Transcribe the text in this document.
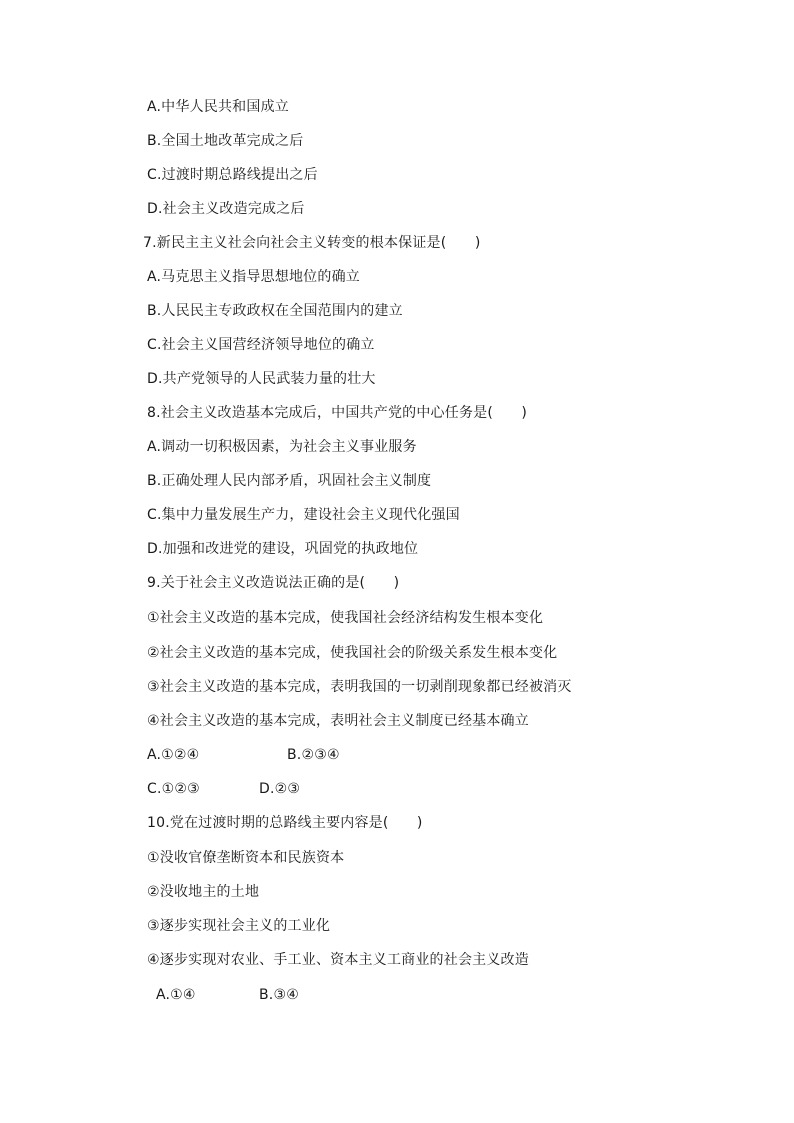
A.中华人民共和国成立
B.全国土地改革完成之后
C.过渡时期总路线提出之后
D.社会主义改造完成之后
7.新民主主义社会向社会主义转变的根本保证是(　　)
A.马克思主义指导思想地位的确立
B.人民民主专政政权在全国范围内的建立
C.社会主义国营经济领导地位的确立
D.共产党领导的人民武装力量的壮大
8.社会主义改造基本完成后，中国共产党的中心任务是(　　)
A.调动一切积极因素，为社会主义事业服务
B.正确处理人民内部矛盾，巩固社会主义制度
C.集中力量发展生产力，建设社会主义现代化强国
D.加强和改进党的建设，巩固党的执政地位
9.关于社会主义改造说法正确的是(　　)
①社会主义改造的基本完成，使我国社会经济结构发生根本变化
②社会主义改造的基本完成，使我国社会的阶级关系发生根本变化
③社会主义改造的基本完成，表明我国的一切剥削现象都已经被消灭
④社会主义改造的基本完成，表明社会主义制度已经基本确立
A.①②④	B.②③④
C.①②③	D.②③
10.党在过渡时期的总路线主要内容是(　　)
①没收官僚垄断资本和民族资本
②没收地主的土地
③逐步实现社会主义的工业化
④逐步实现对农业、手工业、资本主义工商业的社会主义改造
A.①④	B.③④
